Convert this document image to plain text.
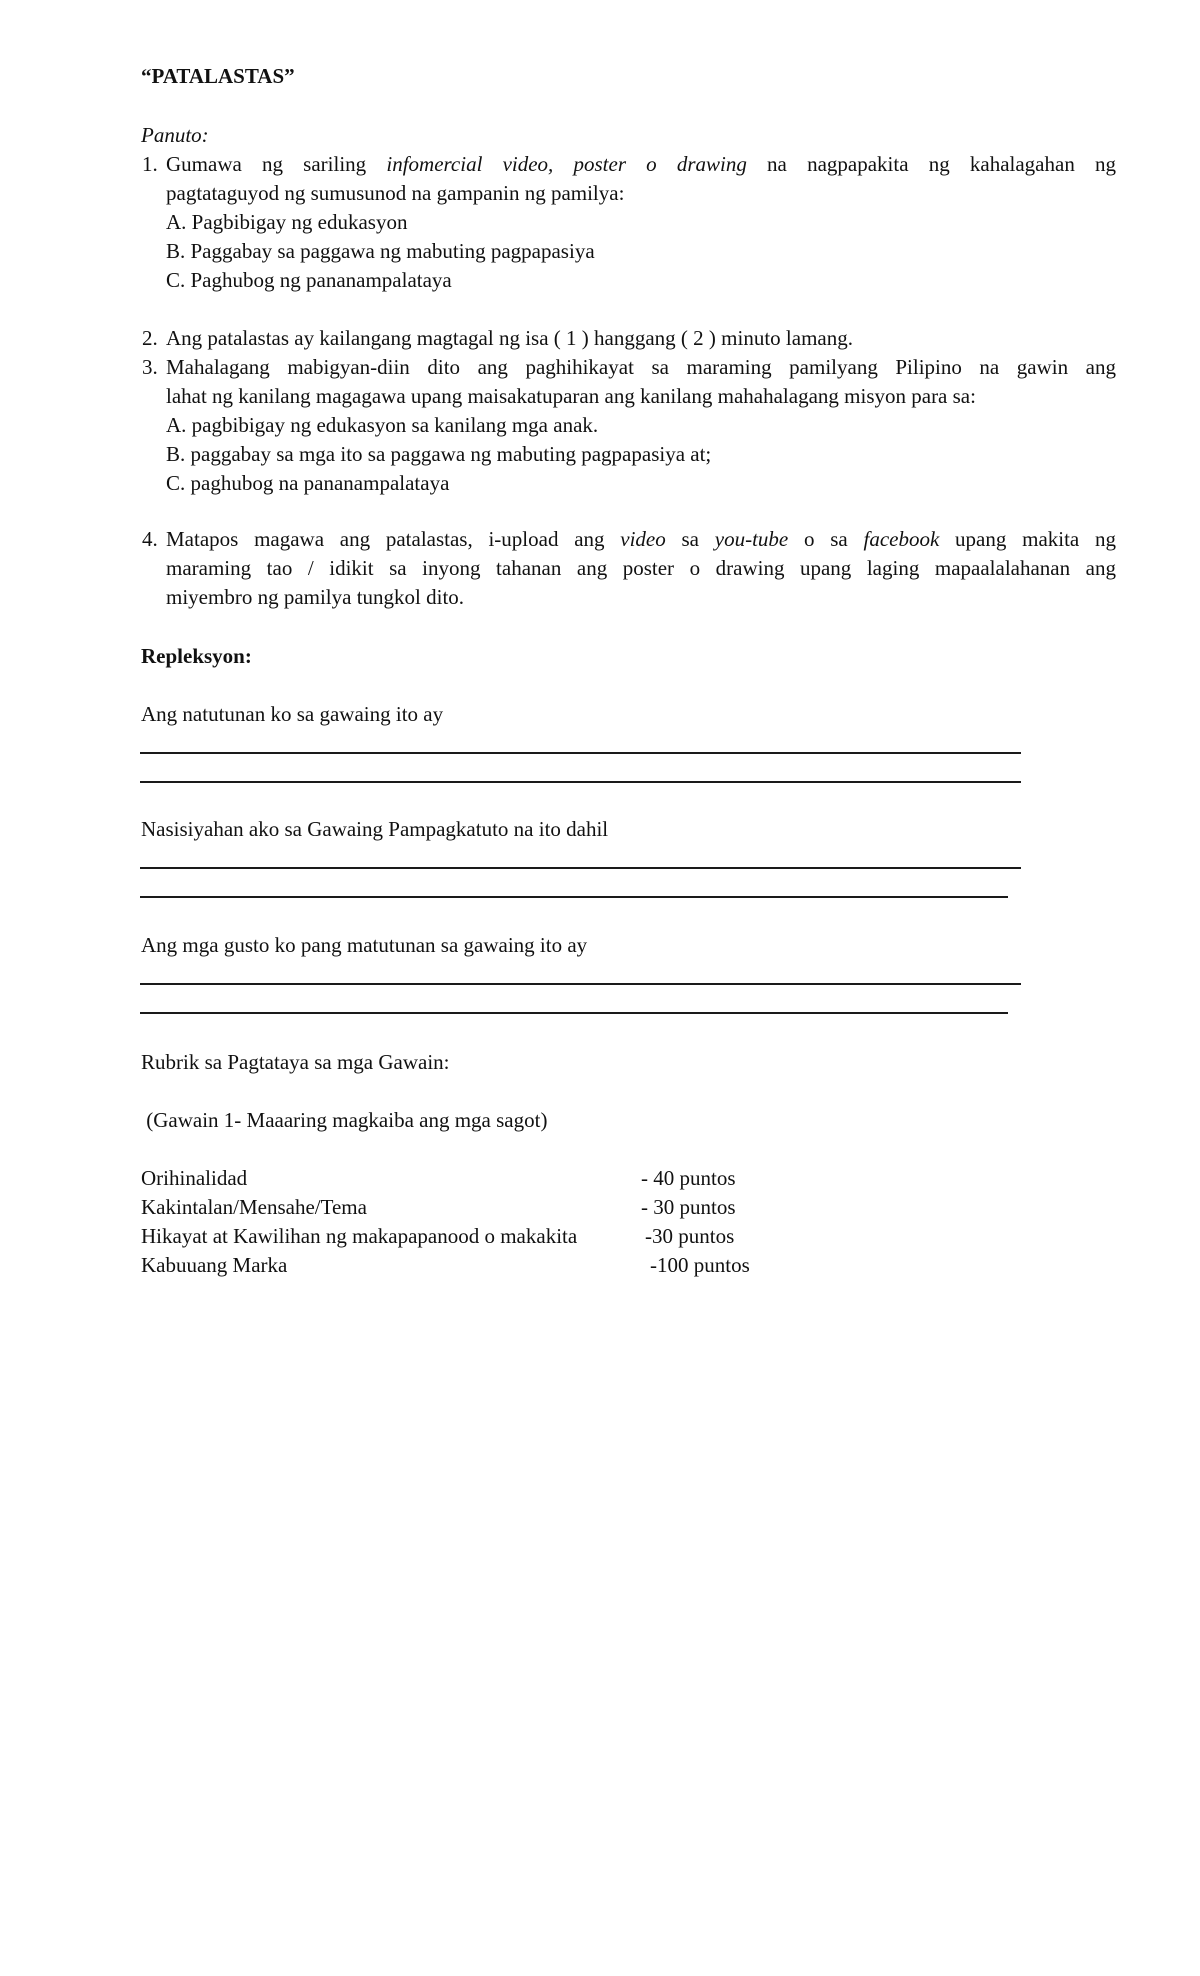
“PATALASTAS”
Panuto:
1. Gumawa ng sariling infomercial video, poster o drawing na nagpapakita ng kahalagahan ng
pagtataguyod ng sumusunod na gampanin ng pamilya:
A. Pagbibigay ng edukasyon
B. Paggabay sa paggawa ng mabuting pagpapasiya
C. Paghubog ng pananampalataya
2. Ang patalastas ay kailangang magtagal ng isa ( 1 ) hanggang ( 2 ) minuto lamang.
3. Mahalagang mabigyan-diin dito ang paghihikayat sa maraming pamilyang Pilipino na gawin ang
lahat ng kanilang magagawa upang maisakatuparan ang kanilang mahahalagang misyon para sa:
A. pagbibigay ng edukasyon sa kanilang mga anak.
B. paggabay sa mga ito sa paggawa ng mabuting pagpapasiya at;
C. paghubog na pananampalataya
4. Matapos magawa ang patalastas, i-upload ang video sa you-tube o sa facebook upang makita ng
maraming tao / idikit sa inyong tahanan ang poster o drawing upang laging mapaalalahanan ang
miyembro ng pamilya tungkol dito.
Repleksyon:
Ang natutunan ko sa gawaing ito ay
Nasisiyahan ako sa Gawaing Pampagkatuto na ito dahil
Ang mga gusto ko pang matutunan sa gawaing ito ay
Rubrik sa Pagtataya sa mga Gawain:
(Gawain 1- Maaaring magkaiba ang mga sagot)
Orihinalidad	- 40 puntos
Kakintalan/Mensahe/Tema	- 30 puntos
Hikayat at Kawilihan ng makapapanood o makakita	-30 puntos
Kabuuang Marka	-100 puntos
